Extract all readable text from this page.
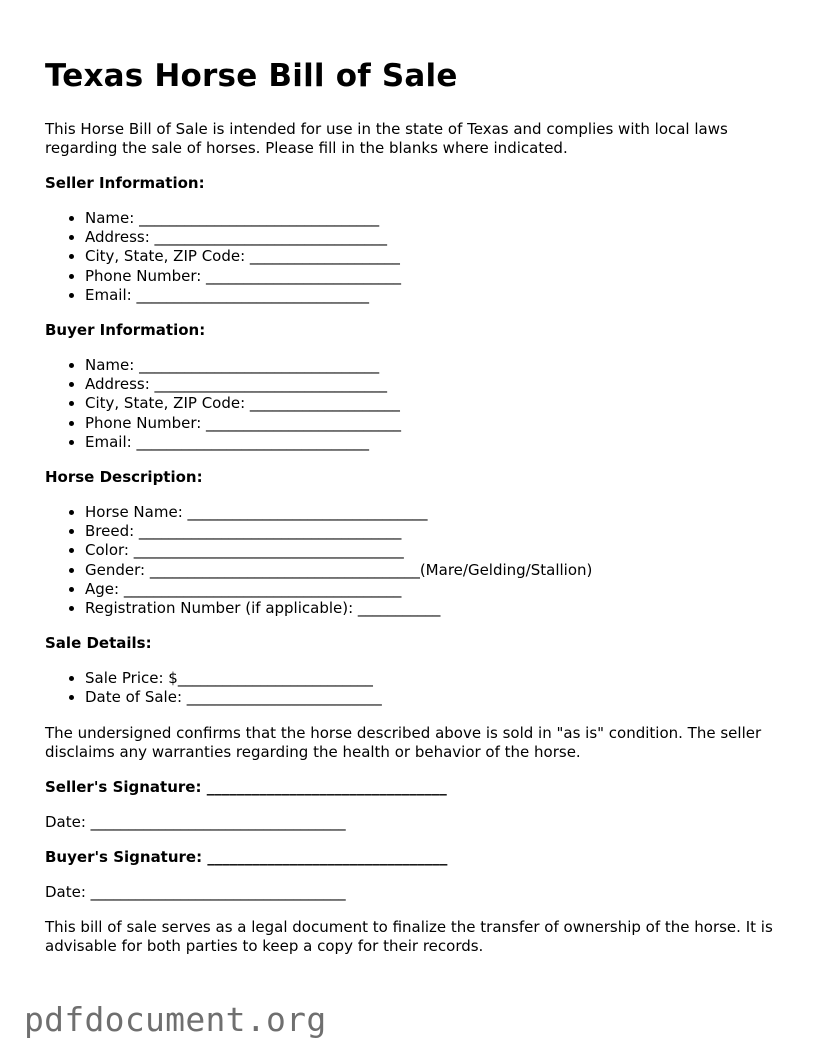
Texas Horse Bill of Sale

This Horse Bill of Sale is intended for use in the state of Texas and complies with local laws regarding the sale of horses. Please fill in the blanks where indicated.

Seller Information:
• Name: ________________________________
• Address: _______________________________
• City, State, ZIP Code: ____________________
• Phone Number: __________________________
• Email: _______________________________
Buyer Information:
• Name: ________________________________
• Address: _______________________________
• City, State, ZIP Code: ____________________
• Phone Number: __________________________
• Email: _______________________________
Horse Description:
• Horse Name: ________________________________
• Breed: ___________________________________
• Color: ____________________________________
• Gender: ____________________________________(Mare/Gelding/Stallion)
• Age: _____________________________________
• Registration Number (if applicable): ___________
Sale Details:
• Sale Price: $__________________________
• Date of Sale: __________________________

The undersigned confirms that the horse described above is sold in "as is" condition. The seller disclaims any warranties regarding the health or behavior of the horse.

Seller's Signature: ________________________________
Date: __________________________________
Buyer's Signature: ________________________________
Date: __________________________________

This bill of sale serves as a legal document to finalize the transfer of ownership of the horse. It is advisable for both parties to keep a copy for their records.

pdfdocument.org
